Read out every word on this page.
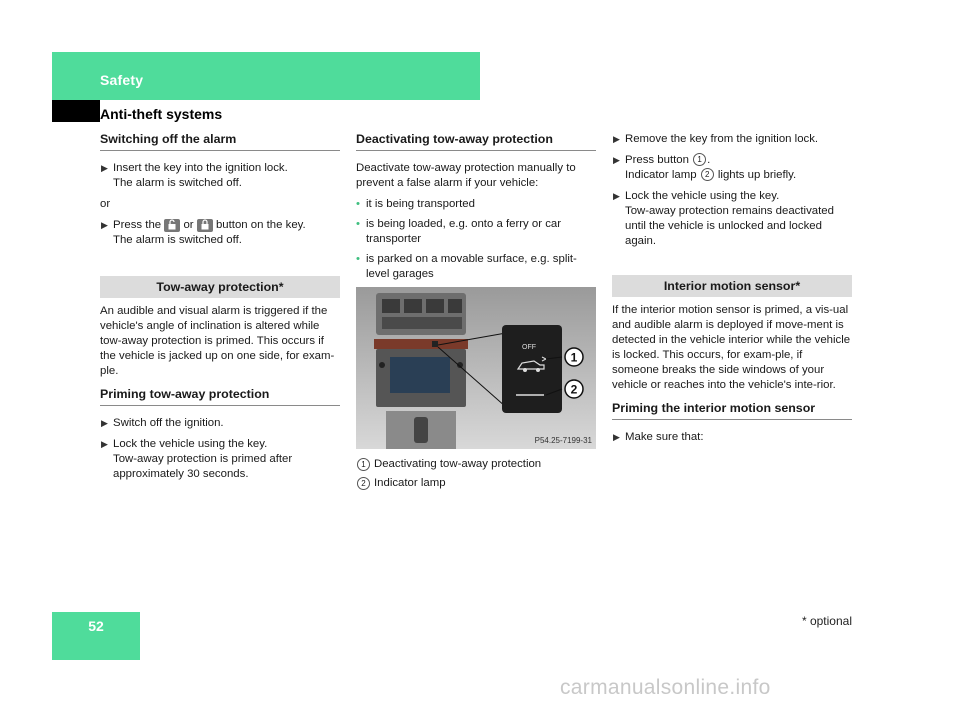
Safety
Anti-theft systems
Switching off the alarm
▶ Insert the key into the ignition lock.
The alarm is switched off.
or
▶ Press the or button on the key.
The alarm is switched off.
Tow-away protection*
An audible and visual alarm is triggered if the vehicle's angle of inclination is altered while tow-away protection is primed. This occurs if the vehicle is jacked up on one side, for exam-ple.
Priming tow-away protection
▶ Switch off the ignition.
▶ Lock the vehicle using the key.
Tow-away protection is primed after approximately 30 seconds.
Deactivating tow-away protection
Deactivate tow-away protection manually to prevent a false alarm if your vehicle:
• it is being transported
• is being loaded, e.g. onto a ferry or car transporter
• is parked on a movable surface, e.g. split-level garages
OFF
1
2
P54.25-7199-31
1 Deactivating tow-away protection
2 Indicator lamp
▶ Remove the key from the ignition lock.
▶ Press button 1 .
Indicator lamp 2 lights up briefly.
▶ Lock the vehicle using the key.
Tow-away protection remains deactivated until the vehicle is unlocked and locked again.
Interior motion sensor*
If the interior motion sensor is primed, a vis-ual and audible alarm is deployed if move-ment is detected in the vehicle interior while the vehicle is locked. This occurs, for exam-ple, if someone breaks the side windows of your vehicle or reaches into the vehicle's inte-rior.
Priming the interior motion sensor
▶ Make sure that:
52	* optional
carmanualsonline.info
